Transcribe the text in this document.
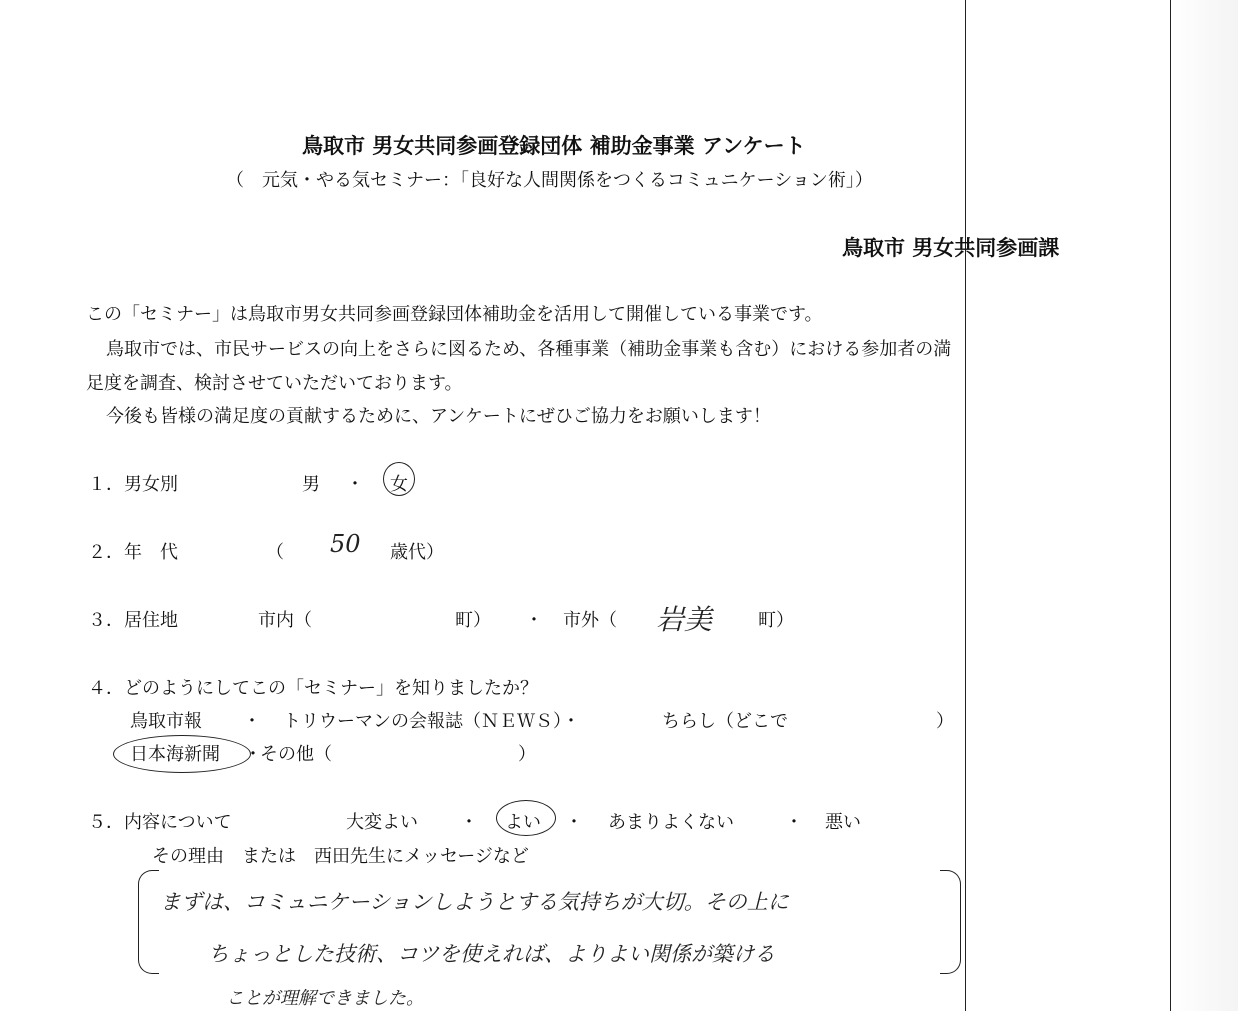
鳥取市 男女共同参画登録団体 補助金事業 アンケート
（　元気・やる気セミナー：「良好な人間関係をつくるコミュニケーション術」）
鳥取市 男女共同参画課
この「セミナー」は鳥取市男女共同参画登録団体補助金を活用して開催している事業です。
鳥取市では、市民サービスの向上をさらに図るため、各種事業（補助金事業も含む）における参加者の満
足度を調査、検討させていただいております。
今後も皆様の満足度の貢献するために、アンケートにぜひご協力をお願いします！
１．男女別	男 ・ 女
２．年　代	（ 50 歳代）
３．居住地	市内（	町） ・ 市外（ 岩美	町）
４．どのようにしてこの「セミナー」を知りましたか？
鳥取市報 ・ トリウーマンの会報誌（ＮＥＷＳ）・	ちらし（どこで	）
日本海新聞 ・
その他（	）
５．内容について	大変よい ・ よい ・ あまりよくない	・ 悪い
その理由　または　西田先生にメッセージなど
まずは、コミュニケーションしようとする気持ちが大切。その上に
ちょっとした技術、コツを使えれば、よりよい関係が築ける
ことが理解できました。
